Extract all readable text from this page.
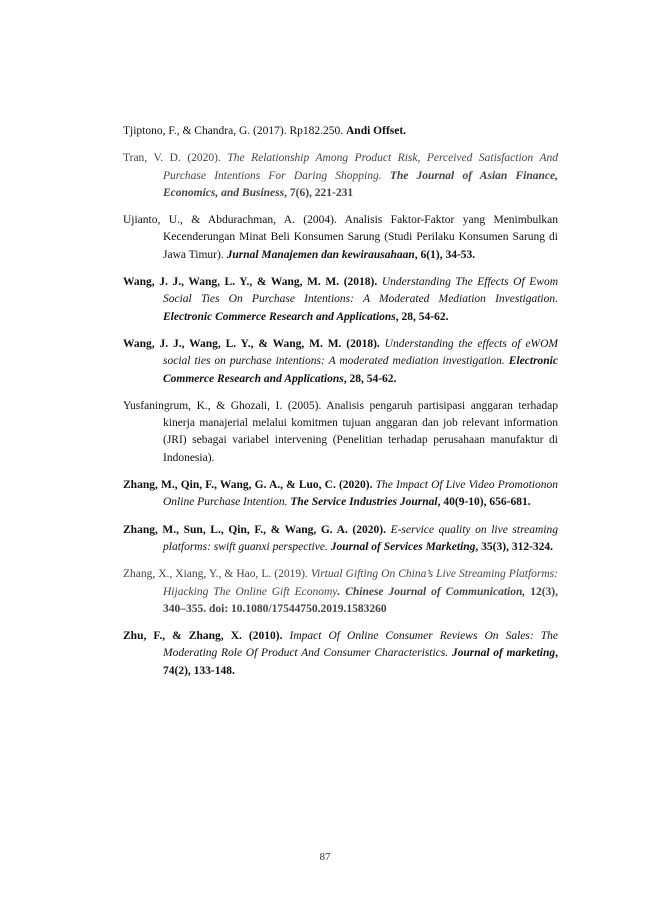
Tjiptono, F., & Chandra, G. (2017). Rp182.250. Andi Offset.

Tran, V. D. (2020). The Relationship Among Product Risk, Perceived Satisfaction And Purchase Intentions For Daring Shopping. The Journal of Asian Finance, Economics, and Business, 7(6), 221-231

Ujianto, U., & Abdurachman, A. (2004). Analisis Faktor-Faktor yang Menimbulkan Kecenderungan Minat Beli Konsumen Sarung (Studi Perilaku Konsumen Sarung di Jawa Timur). Jurnal Manajemen dan kewirausahaan, 6(1), 34-53.

Wang, J. J., Wang, L. Y., & Wang, M. M. (2018). Understanding The Effects Of Ewom Social Ties On Purchase Intentions: A Moderated Mediation Investigation. Electronic Commerce Research and Applications, 28, 54-62.

Wang, J. J., Wang, L. Y., & Wang, M. M. (2018). Understanding the effects of eWOM social ties on purchase intentions: A moderated mediation investigation. Electronic Commerce Research and Applications, 28, 54-62.

Yusfaningrum, K., & Ghozali, I. (2005). Analisis pengaruh partisipasi anggaran terhadap kinerja manajerial melalui komitmen tujuan anggaran dan job relevant information (JRI) sebagai variabel intervening (Penelitian terhadap perusahaan manufaktur di Indonesia).

Zhang, M., Qin, F., Wang, G. A., & Luo, C. (2020). The Impact Of Live Video Promotionon Online Purchase Intention. The Service Industries Journal, 40(9-10), 656-681.

Zhang, M., Sun, L., Qin, F., & Wang, G. A. (2020). E-service quality on live streaming platforms: swift guanxi perspective. Journal of Services Marketing, 35(3), 312-324.

Zhang, X., Xiang, Y., & Hao, L. (2019). Virtual Gifting On China’s Live Streaming Platforms: Hijacking The Online Gift Economy. Chinese Journal of Communication, 12(3), 340–355. doi: 10.1080/17544750.2019.1583260

Zhu, F., & Zhang, X. (2010). Impact Of Online Consumer Reviews On Sales: The Moderating Role Of Product And Consumer Characteristics. Journal of marketing, 74(2), 133-148.

87
